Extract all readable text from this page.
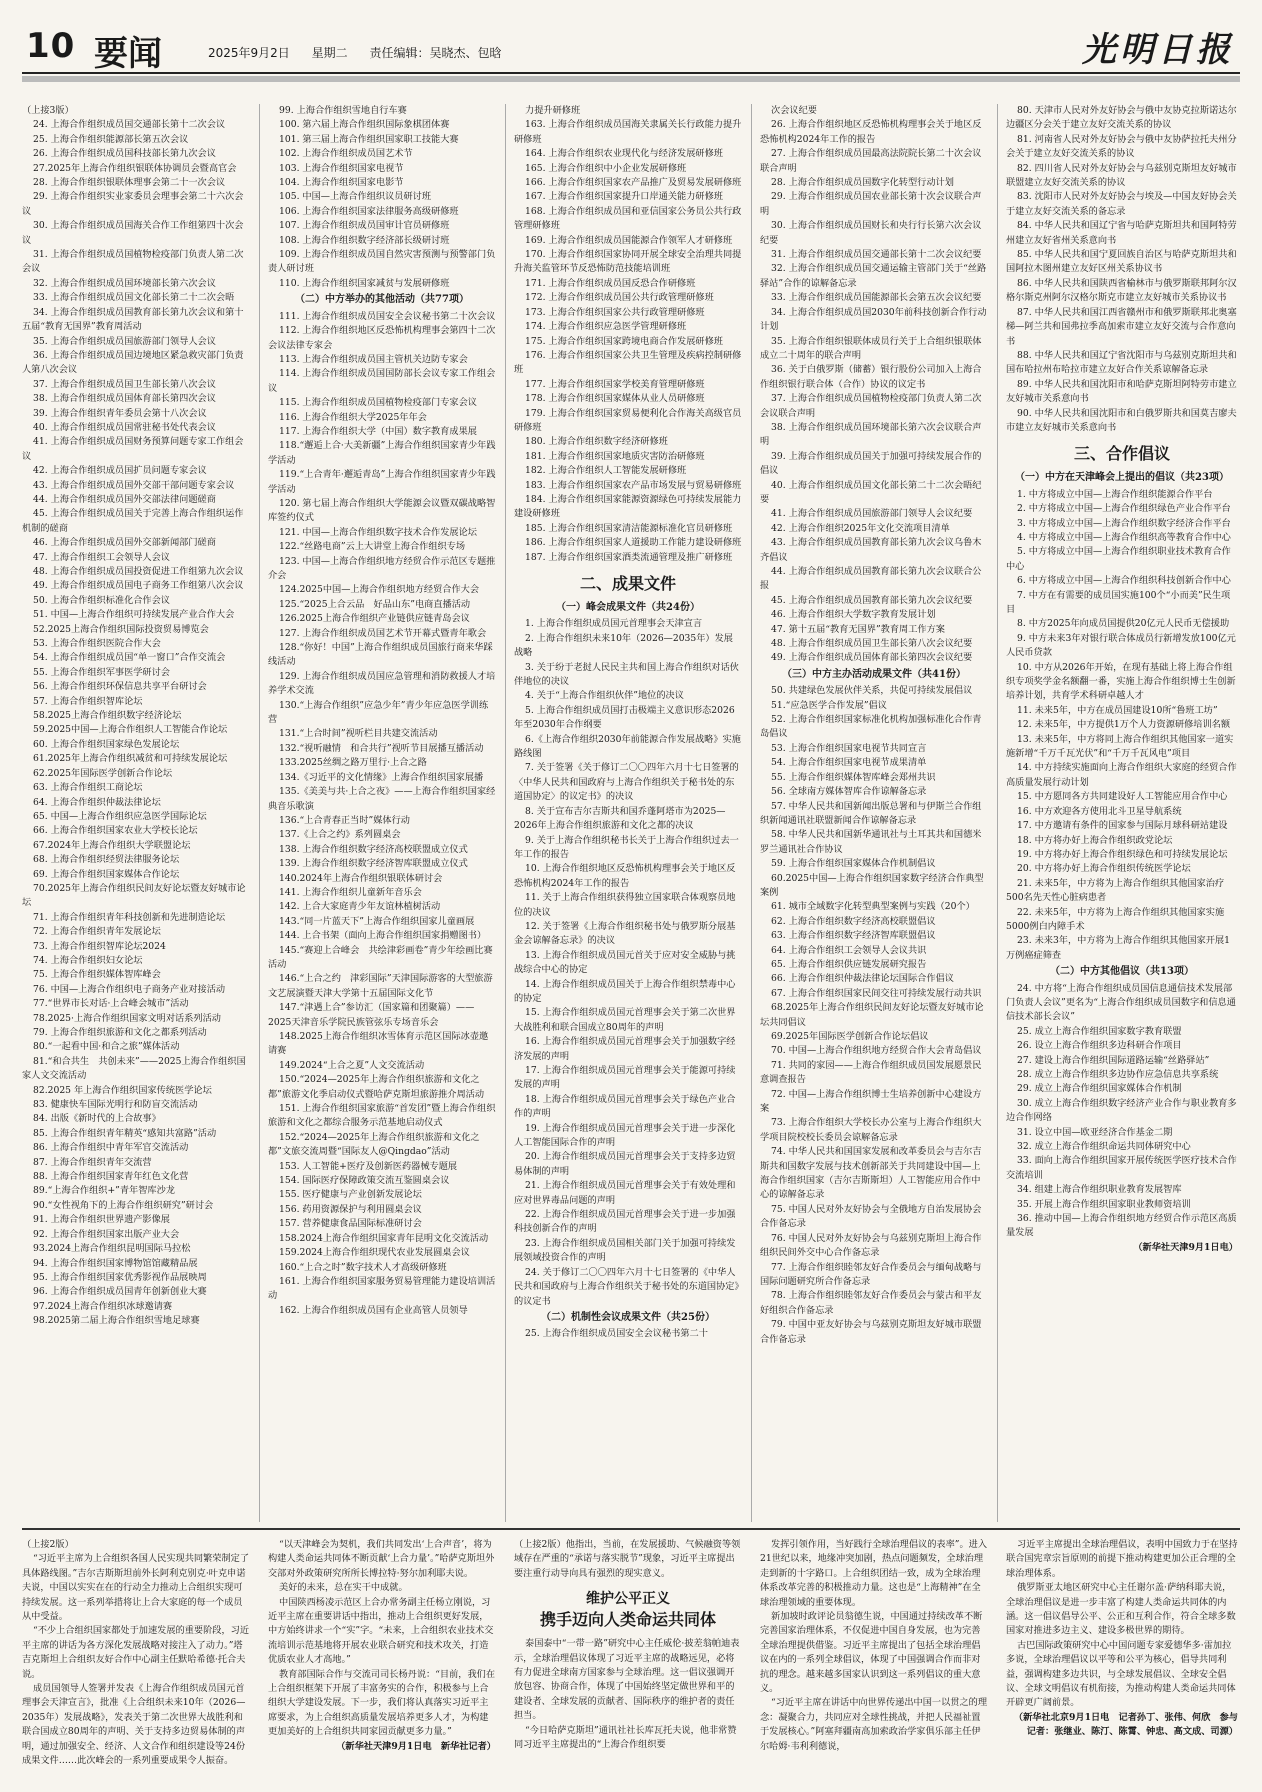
10 要闻	2025年9月2日 星期二 责任编辑：吴晓杰、包晗	光明日报

（上接3版）

24. 上海合作组织成员国交通部长第十二次会议

25. 上海合作组织能源部长第五次会议

26. 上海合作组织成员国科技部长第九次会议

27.2025年上海合作组织银联体协调员会暨高官会

28. 上海合作组织银联体理事会第二十一次会议

29. 上海合作组织实业家委员会理事会第二十六次会议

30. 上海合作组织成员国海关合作工作组第四十次会议

31. 上海合作组织成员国植物检疫部门负责人第二次会议

32. 上海合作组织成员国环境部长第六次会议

33. 上海合作组织成员国文化部长第二十二次会晤

34. 上海合作组织成员国教育部长第九次会议和第十五届“教育无国界”教育周活动

35. 上海合作组织成员国旅游部门领导人会议

36. 上海合作组织成员国边境地区紧急救灾部门负责人第八次会议

37. 上海合作组织成员国卫生部长第八次会议

38. 上海合作组织成员国体育部长第四次会议

39. 上海合作组织青年委员会第十八次会议

40. 上海合作组织成员国常驻秘书处代表会议

41. 上海合作组织成员国财务预算问题专家工作组会议

42. 上海合作组织成员国扩员问题专家会议

43. 上海合作组织成员国外交部干部问题专家会议

44. 上海合作组织成员国外交部法律问题磋商

45. 上海合作组织成员国关于完善上海合作组织运作机制的磋商

46. 上海合作组织成员国外交部新闻部门磋商

47. 上海合作组织工会领导人会议

48. 上海合作组织成员国投资促进工作组第九次会议

49. 上海合作组织成员国电子商务工作组第八次会议

50. 上海合作组织标准化合作会议

51. 中国—上海合作组织可持续发展产业合作大会

52.2025上海合作组织国际投资贸易博览会

53. 上海合作组织医院合作大会

54. 上海合作组织成员国“单一窗口”合作交流会

55. 上海合作组织军事医学研讨会

56. 上海合作组织环保信息共享平台研讨会

57. 上海合作组织智库论坛

58.2025上海合作组织数字经济论坛

59.2025中国—上海合作组织人工智能合作论坛

60. 上海合作组织国家绿色发展论坛

61.2025年上海合作组织减贫和可持续发展论坛

62.2025年国际医学创新合作论坛

63. 上海合作组织工商论坛

64. 上海合作组织仲裁法律论坛

65. 中国—上海合作组织应急医学国际论坛

66. 上海合作组织国家农业大学校长论坛

67.2024年上海合作组织大学联盟论坛

68. 上海合作组织经贸法律服务论坛

69. 上海合作组织国家媒体合作论坛

70.2025年上海合作组织民间友好论坛暨友好城市论坛

71. 上海合作组织青年科技创新和先进制造论坛

72. 上海合作组织青年发展论坛

73. 上海合作组织智库论坛2024

74. 上海合作组织妇女论坛

75. 上海合作组织媒体智库峰会

76. 中国—上海合作组织电子商务产业对接活动

77.“世界市长对话·上合峰会城市”活动

78.2025·上海合作组织国家文明对话系列活动

79. 上海合作组织旅游和文化之都系列活动

80.“一起看中国·和合之旅”媒体活动

81.“和合共生　共创未来”——2025上海合作组织国家人文交流活动

82.2025 年上海合作组织国家传统医学论坛

83. 健康快车国际光明行和防盲交流活动

84. 出版《新时代的上合故事》

85. 上海合作组织青年精英“感知共富路”活动

86. 上海合作组织中青年军官交流活动

87. 上海合作组织青年交流营

88. 上海合作组织国家青年红色文化营

89.“上海合作组织+”青年智库沙龙

90.“女性视角下的上海合作组织研究”研讨会

91. 上海合作组织世界遗产影像展

92. 上海合作组织国家出版产业大会

93.2024上海合作组织昆明国际马拉松

94. 上海合作组织国家博物馆馆藏精品展

95. 上海合作组织国家优秀影视作品展映周

96. 上海合作组织成员国青年创新创业大赛

97.2024上海合作组织冰球邀请赛

98.2025第二届上海合作组织雪地足球赛

99. 上海合作组织雪地自行车赛

100. 第六届上海合作组织国际象棋团体赛

101. 第三届上海合作组织国家职工技能大赛

102. 上海合作组织成员国艺术节

103. 上海合作组织国家电视节

104. 上海合作组织国家电影节

105. 中国—上海合作组织议员研讨班

106. 上海合作组织国家法律服务高级研修班

107. 上海合作组织成员国审计官员研修班

108. 上海合作组织数字经济部长级研讨班

109. 上海合作组织成员国自然灾害预测与预警部门负责人研讨班

110. 上海合作组织国家减贫与发展研修班

（二）中方举办的其他活动（共77项）

111. 上海合作组织成员国安全会议秘书第二十次会议

112. 上海合作组织地区反恐怖机构理事会第四十二次会议法律专家会

113. 上海合作组织成员国主管机关边防专家会

114. 上海合作组织成员国国防部长会议专家工作组会议

115. 上海合作组织成员国植物检疫部门专家会议

116. 上海合作组织大学2025年年会

117. 上海合作组织大学（中国）数字教育成果展

118.“邂逅上合·大美新疆”上海合作组织国家青少年践学活动

119.“上合青年·邂逅青岛”上海合作组织国家青少年践学活动

120. 第七届上海合作组织大学能源会议暨双碳战略智库签约仪式

121. 中国—上海合作组织数字技术合作发展论坛

122.“丝路电商”云上大讲堂上海合作组织专场

123. 中国—上海合作组织地方经贸合作示范区专题推介会

124.2025中国—上海合作组织地方经贸合作大会

125.“2025上合云品　好品山东”电商直播活动

126.2025上海合作组织产业链供应链青岛会议

127. 上海合作组织成员国艺术节开幕式暨青年歌会

128.“你好！中国”上海合作组织成员国旅行商来华踩线活动

129. 上海合作组织成员国应急管理和消防救援人才培养学术交流

130.“上海合作组织”应急少年”青少年应急医学训练营

131.“上合时间”视听栏目共建交流活动

132.“视听融情　和合共行”视听节目展播互播活动

133.2025丝绸之路万里行·上合之路

134.《习近平的文化情缘》上海合作组织国家展播

135.《美美与共·上合之夜》——上海合作组织国家经典音乐歌演

136.“上合青春正当时”媒体行动

137.《上合之约》系列圆桌会

138. 上海合作组织数字经济高校联盟成立仪式

139. 上海合作组织数字经济智库联盟成立仪式

140.2024年上海合作组织银联体研讨会

141. 上海合作组织儿童新年音乐会

142. 上合大家庭青少年友谊林植树活动

143.“同一片蓝天下”上海合作组织国家儿童画展

144. 上合书架（面向上海合作组织国家捐赠图书）

145.“赛迎上合峰会　共绘津彩画卷”青少年绘画比赛活动

146.“上合之约　津彩国际”天津国际游客的大型旅游文艺展演暨天津大学第十五届国际文化节

147.“津遇上合”参访汇（国家篇和团聚篇）——2025天津音乐学院民族管弦乐专场音乐会

148.2025上海合作组织冰雪体育示范区国际冰壶邀请赛

149.2024“上合之夏”人文交流活动

150.“2024—2025年上海合作组织旅游和文化之都”旅游文化季启动仪式暨哈萨克斯坦旅游推介周活动

151. 上海合作组织国家旅游“首发团”暨上海合作组织旅游和文化之都综合服务示范基地启动仪式

152.“2024—2025年上海合作组织旅游和文化之都”文旅交流周暨“国际友人@Qingdao”活动

153. 人工智能+医疗及创新医药器械专题展

154. 国际医疗保障政策交流互鉴圆桌会议

155. 医疗健康与产业创新发展论坛

156. 药用资源保护与利用圆桌会议

157. 营养健康食品国际标准研讨会

158.2024上海合作组织国家青年昆明文化交流活动

159.2024上海合作组织现代农业发展圆桌会议

160.“上合之时”数字技术人才高级研修班

161. 上海合作组织国家服务贸易管理能力建设培训活动

162. 上海合作组织成员国有企业高管人员领导

力提升研修班

163. 上海合作组织成员国海关隶属关长行政能力提升研修班

164. 上海合作组织农业现代化与经济发展研修班

165. 上海合作组织中小企业发展研修班

166. 上海合作组织国家农产品推广及贸易发展研修班

167. 上海合作组织国家提升口岸通关能力研修班

168. 上海合作组织成员国和亚信国家公务员公共行政管理研修班

169. 上海合作组织成员国能源合作领军人才研修班

170. 上海合作组织国家协同开展全球安全治理共同提升海关监管环节反恐怖防范技能培训班

171. 上海合作组织成员国反恐合作研修班

172. 上海合作组织成员国公共行政管理研修班

173. 上海合作组织国家公共行政管理研修班

174. 上海合作组织应急医学管理研修班

175. 上海合作组织国家跨境电商合作发展研修班

176. 上海合作组织国家公共卫生管理及疾病控制研修班

177. 上海合作组织国家学校美育管理研修班

178. 上海合作组织国家媒体从业人员研修班

179. 上海合作组织国家贸易便利化合作海关高级官员研修班

180. 上海合作组织数字经济研修班

181. 上海合作组织国家地质灾害防治研修班

182. 上海合作组织人工智能发展研修班

183. 上海合作组织国家农产品市场发展与贸易研修班

184. 上海合作组织国家能源资源绿色可持续发展能力建设研修班

185. 上海合作组织国家清洁能源标准化官员研修班

186. 上海合作组织国家人道援助工作能力建设研修班

187. 上海合作组织国家酒类流通管理及推广研修班

二、成果文件

（一）峰会成果文件（共24份）

1. 上海合作组织成员国元首理事会天津宣言

2. 上海合作组织未来10年（2026—2035年）发展战略

3. 关于纷于老挝人民民主共和国上海合作组织对话伙伴地位的决议

4. 关于“上海合作组织伙伴”地位的决议

5. 上海合作组织成员国打击极端主义意识形态2026年至2030年合作纲要

6.《上海合作组织2030年前能源合作发展战略》实施路线图

7. 关于签署《关于修订二〇〇四年六月十七日签署的〈中华人民共和国政府与上海合作组织关于秘书处的东道国协定〉的议定书》的决议

8. 关于宣布吉尔吉斯共和国乔蓬阿塔市为2025—2026年上海合作组织旅游和文化之都的决议

9. 关于上海合作组织秘书长关于上海合作组织过去一年工作的报告

10. 上海合作组织地区反恐怖机构理事会关于地区反恐怖机构2024年工作的报告

11. 关于上海合作组织获得独立国家联合体观察员地位的决议

12. 关于签署《上海合作组织秘书处与俄罗斯分展基金会谅解备忘录》的决议

13. 上海合作组织成员国元首关于应对安全威胁与挑战综合中心的协定

14. 上海合作组织成员国关于上海合作组织禁毒中心的协定

15. 上海合作组织成员国元首理事会关于第二次世界大战胜利和联合国成立80周年的声明

16. 上海合作组织成员国元首理事会关于加强数字经济发展的声明

17. 上海合作组织成员国元首理事会关于能源可持续发展的声明

18. 上海合作组织成员国元首理事会关于绿色产业合作的声明

19. 上海合作组织成员国元首理事会关于进一步深化人工智能国际合作的声明

20. 上海合作组织成员国元首理事会关于支持多边贸易体制的声明

21. 上海合作组织成员国元首理事会关于有效处理和应对世界毒品问题的声明

22. 上海合作组织成员国元首理事会关于进一步加强科技创新合作的声明

23. 上海合作组织成员国相关部门关于加强可持续发展领域投资合作的声明

24. 关于修订二〇〇四年六月十七日签署的《中华人民共和国政府与上海合作组织关于秘书处的东道国协定》的议定书

（二）机制性会议成果文件（共25份）

25. 上海合作组织成员国安全会议秘书第二十

次会议纪要

26. 上海合作组织地区反恐怖机构理事会关于地区反恐怖机构2024年工作的报告

27. 上海合作组织成员国最高法院院长第二十次会议联合声明

28. 上海合作组织成员国数字化转型行动计划

29. 上海合作组织成员国农业部长第十次会议联合声明

30. 上海合作组织成员国财长和央行行长第六次会议纪要

31. 上海合作组织成员国交通部长第十二次会议纪要

32. 上海合作组织成员国交通运输主管部门关于“丝路驿站”合作的谅解备忘录

33. 上海合作组织成员国能源部长会第五次会议纪要

34. 上海合作组织成员国2030年前科技创新合作行动计划

35. 上海合作组织银联体成员行关于上合组织银联体成立二十周年的联合声明

36. 关于白俄罗斯（储蓄）银行股份公司加入上海合作组织银行联合体（合作）协议的议定书

37. 上海合作组织成员国植物检疫部门负责人第二次会议联合声明

38. 上海合作组织成员国环境部长第六次会议联合声明

39. 上海合作组织成员国关于加强可持续发展合作的倡议

40. 上海合作组织成员国文化部长第二十二次会晤纪要

41. 上海合作组织成员国旅游部门领导人会议纪要

42. 上海合作组织2025年文化交流项目清单

43. 上海合作组织成员国教育部长第九次会议乌鲁木齐倡议

44. 上海合作组织成员国教育部长第九次会议联合公报

45. 上海合作组织成员国教育部长第九次会议纪要

46. 上海合作组织大学数字教育发展计划

47. 第十五届“教育无国界”教育周工作方案

48. 上海合作组织成员国卫生部长第八次会议纪要

49. 上海合作组织成员国体育部长第四次会议纪要

（三）中方主办活动成果文件（共41份）

50. 共建绿色发展伙伴关系，共促可持续发展倡议

51.“应急医学合作发展”倡议

52. 上海合作组织国家标准化机构加强标准化合作青岛倡议

53. 上海合作组织国家电视节共同宣言

54. 上海合作组织国家电视节成果清单

55. 上海合作组织媒体智库峰会郑州共识

56. 全球南方媒体智库合作谅解备忘录

57. 中华人民共和国新闻出版总署和与伊斯兰合作组织新闻通讯社联盟新闻合作谅解备忘录

58. 中华人民共和国新华通讯社与土耳其共和国德米罗兰通讯社合作协议

59. 上海合作组织国家媒体合作机制倡议

60.2025中国—上海合作组织国家数字经济合作典型案例

61. 城市全域数字化转型典型案例与实践（20个）

62. 上海合作组织数字经济高校联盟倡议

63. 上海合作组织数字经济智库联盟倡议

64. 上海合作组织工会领导人会议共识

65. 上海合作组织供应链发展研究报告

66. 上海合作组织仲裁法律论坛国际合作倡议

67. 上海合作组织国家民间交往可持续发展行动共识

68.2025年上海合作组织民间友好论坛暨友好城市论坛共同倡议

69.2025年国际医学创新合作论坛倡议

70. 中国—上海合作组织地方经贸合作大会青岛倡议

71. 共同的家园——上海合作组织成员国发展愿景民意调查报告

72. 中国—上海合作组织博士生培养创新中心建设方案

73. 上海合作组织大学校长办公室与上海合作组织大学项目院校校长委员会谅解备忘录

74. 中华人民共和国国家发展和改革委员会与吉尔吉斯共和国数字发展与技术创新部关于共同建设中国—上海合作组织国家（吉尔吉斯斯坦）人工智能应用合作中心的谅解备忘录

75. 中国人民对外友好协会与全俄地方自治发展协会合作备忘录

76. 中国人民对外友好协会与乌兹别克斯坦上海合作组织民间外交中心合作备忘录

77. 上海合作组织睦邻友好合作委员会与缅甸战略与国际问题研究所合作备忘录

78. 上海合作组织睦邻友好合作委员会与蒙古和平友好组织合作备忘录

79. 中国中亚友好协会与乌兹别克斯坦友好城市联盟合作备忘录

80. 天津市人民对外友好协会与俄中友协克拉斯诺达尔边疆区分会关于建立友好交流关系的协议

81. 河南省人民对外友好协会与俄中友协萨拉托夫州分会关于建立友好交流关系的协议

82. 四川省人民对外友好协会与乌兹别克斯坦友好城市联盟建立友好交流关系的协议

83. 沈阳市人民对外友好协会与埃及—中国友好协会关于建立友好交流关系的备忘录

84. 中华人民共和国辽宁省与哈萨克斯坦共和国阿特劳州建立友好省州关系意向书

85. 中华人民共和国宁夏回族自治区与哈萨克斯坦共和国阿拉木图州建立友好区州关系协议书

86. 中华人民共和国陕西省榆林市与俄罗斯联邦阿尔汉格尔斯克州阿尔汉格尔斯克市建立友好城市关系协议书

87. 中华人民共和国江西省赣州市和俄罗斯联邦北奥塞梯—阿兰共和国弗拉季高加索市建立友好交流与合作意向书

88. 中华人民共和国辽宁省沈阳市与乌兹别克斯坦共和国布哈拉州布哈拉市建立友好合作关系谅解备忘录

89. 中华人民共和国沈阳市和哈萨克斯坦阿特劳市建立友好城市关系意向书

90. 中华人民共和国沈阳市和白俄罗斯共和国莫吉廖夫市建立友好城市关系意向书

三、合作倡议

（一）中方在天津峰会上提出的倡议（共23项）

1. 中方将成立中国—上海合作组织能源合作平台

2. 中方将成立中国—上海合作组织绿色产业合作平台

3. 中方将成立中国—上海合作组织数字经济合作平台

4. 中方将成立中国—上海合作组织高等教育合作中心

5. 中方将成立中国—上海合作组织职业技术教育合作中心

6. 中方将成立中国—上海合作组织科技创新合作中心

7. 中方在有需要的成员国实施100个“小而美”民生项目

8. 中方2025年向成员国提供20亿元人民币无偿援助

9. 中方未来3年对银行联合体成员行新增发放100亿元人民币贷款

10. 中方从2026年开始，在现有基础上将上海合作组织专项奖学金名额翻一番，实施上海合作组织博士生创新培养计划，共育学术科研卓越人才

11. 未来5年，中方在成员国建设10所“鲁班工坊”

12. 未来5年，中方提供1万个人力资源研修培训名额

13. 未来5年，中方将同上海合作组织其他国家一道实施新增“千万千瓦光伏”和“千万千瓦风电”项目

14. 中方持续实施面向上海合作组织大家庭的经贸合作高质量发展行动计划

15. 中方愿同各方共同建设好人工智能应用合作中心

16. 中方欢迎各方使用北斗卫星导航系统

17. 中方邀请有条件的国家参与国际月球科研站建设

18. 中方将办好上海合作组织政党论坛

19. 中方将办好上海合作组织绿色和可持续发展论坛

20. 中方将办好上海合作组织传统医学论坛

21. 未来5年，中方将为上海合作组织其他国家治疗500名先天性心脏病患者

22. 未来5年，中方将为上海合作组织其他国家实施5000例白内障手术

23. 未来3年，中方将为上海合作组织其他国家开展1万例癌症筛查

（二）中方其他倡议（共13项）

24. 中方将“上海合作组织成员国信息通信技术发展部门负责人会议”更名为“上海合作组织成员国数字和信息通信技术部长会议”

25. 成立上海合作组织国家数字教育联盟

26. 设立上海合作组织多边科研合作项目

27. 建设上海合作组织国际道路运输“丝路驿站”

28. 成立上海合作组织多边协作应急信息共享系统

29. 成立上海合作组织国家媒体合作机制

30. 成立上海合作组织数字经济产业合作与职业教育多边合作网络

31. 设立中国—欧亚经济合作基金二期

32. 成立上海合作组织命运共同体研究中心

33. 面向上海合作组织国家开展传统医学医疗技术合作交流培训

34. 组建上海合作组织职业教育发展智库

35. 开展上海合作组织国家职业教师资培训

36. 推动中国—上海合作组织地方经贸合作示范区高质量发展

（新华社天津9月1日电）

（上接2版）

“习近平主席为上合组织各国人民实现共同繁荣制定了具体路线图。”吉尔吉斯斯坦前外长阿利克别克·叶克申诺夫说，中国以实实在在的行动全力推动上合组织实现可持续发展。这一系列举措将让上合大家庭的每一个成员从中受益。

“不少上合组织国家都处于加速发展的重要阶段，习近平主席的讲话为各方深化发展战略对接注入了动力。”塔吉克斯坦上合组织友好合作中心副主任默哈希德·托合夫说。

成员国领导人签署并发表《上海合作组织成员国元首理事会天津宣言》，批准《上合组织未来10年（2026—2035年）发展战略》，发表关于第二次世界大战胜利和联合国成立80周年的声明、关于支持多边贸易体制的声明，通过加强安全、经济、人文合作和组织建设等24份成果文件……此次峰会的一系列重要成果令人振奋。

“以天津峰会为契机，我们共同发出‘上合声音’，将为构建人类命运共同体不断贡献‘上合力量’。”哈萨克斯坦外交部对外政策研究所所长博拉特·努尔加利耶夫说。

美好的未来，总在实干中成就。

中国陕西杨凌示范区上合办常务副主任杨立刚说，习近平主席在重要讲话中指出，推动上合组织更好发展，中方始终讲求一个“实”字。“未来，上合组织农业技术交流培训示范基地将开展农业联合研究和技术攻关，打造优质农业人才高地。”

教育部国际合作与交流司司长杨丹说：“目前，我们在上合组织框架下开展了丰富务实的合作，积极参与上合组织大学建设发展。下一步，我们将认真落实习近平主席要求，为上合组织高质量发展培养更多人才，为构建更加美好的上合组织共同家园贡献更多力量。”

（新华社天津9月1日电　新华社记者）

（上接2版）他指出，当前，在发展援助、气候融资等领域存在严重的“承诺与落实脱节”现象，习近平主席提出要注重行动导向具有强烈的现实意义。

维护公平正义

携手迈向人类命运共同体

泰国泰中“一带一路”研究中心主任威伦·披差翁帕迪表示，全球治理倡议体现了习近平主席的战略远见，必将有力促进全球南方国家参与全球治理。这一倡议强调开放包容、协商合作，体现了中国始终坚定做世界和平的建设者、全球发展的贡献者、国际秩序的维护者的责任担当。

“今日哈萨克斯坦”通讯社社长库瓦托夫说，他非常赞同习近平主席提出的“上海合作组织要

发挥引领作用，当好践行全球治理倡议的表率”。进入21世纪以来，地缘冲突加剧，热点问题频发，全球治理走到新的十字路口。上合组织团结一致，成为全球治理体系改革完善的积极推动力量。这也是“上海精神”在全球治理领域的重要体现。

新加坡时政评论员翁德生说，中国通过持续改革不断完善国家治理体系，不仅促进中国自身发展，也为完善全球治理提供借鉴。习近平主席提出了包括全球治理倡议在内的一系列全球倡议，体现了中国强调合作而非对抗的理念。越来越多国家认识到这一系列倡议的重大意义。

“习近平主席在讲话中向世界传递出中国一以贯之的理念：凝聚合力，共同应对全球性挑战，并把人民福祉置于发展核心。”阿塞拜疆南高加索政治学家俱乐部主任伊尔哈姆·韦利利德说，

习近平主席提出全球治理倡议，表明中国致力于在坚持联合国宪章宗旨原则的前提下推动构建更加公正合理的全球治理体系。

俄罗斯亚太地区研究中心主任谢尔盖·萨纳科耶夫说，全球治理倡议是进一步丰富了构建人类命运共同体的内涵。这一倡议倡导公平、公正和互利合作，符合全球多数国家对推进多边主义、建设多极世界的期待。

古巴国际政策研究中心中国问题专家爱德华多·雷加拉多说，全球治理倡议以平等和公平为核心，倡导共同利益，强调构建多边共识，与全球发展倡议、全球安全倡议、全球文明倡议有机衔接，为推动构建人类命运共同体开辟更广阔前景。

（新华社北京9月1日电　记者孙丁、张伟、何欣　参与记者：张继业、陈汀、陈霄、钟忠、高文成、司源）
